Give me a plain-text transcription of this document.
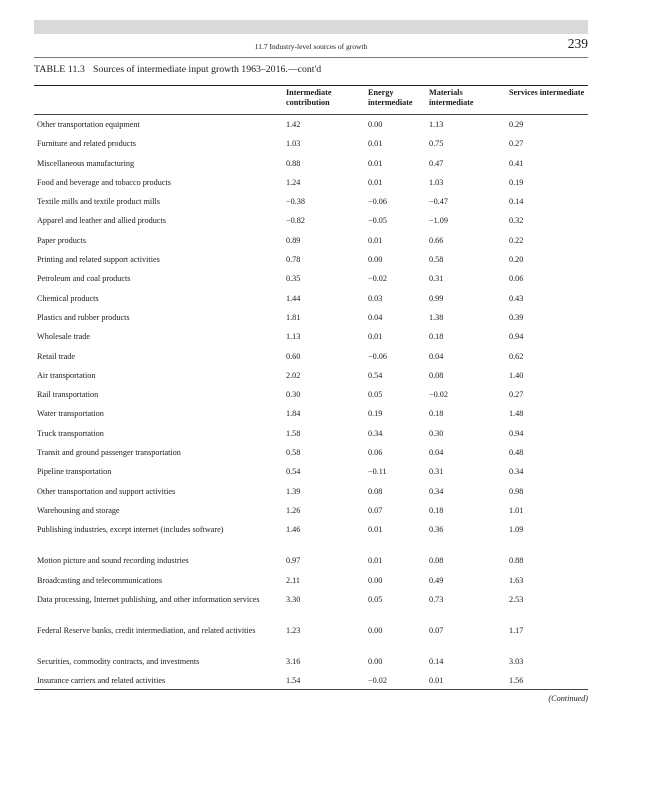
11.7 Industry-level sources of growth	239
TABLE 11.3 Sources of intermediate input growth 1963–2016.—cont'd
	Intermediate contribution	Energy intermediate	Materials intermediate	Services intermediate
Other transportation equipment	1.42	0.00	1.13	0.29
Furniture and related products	1.03	0.01	0.75	0.27
Miscellaneous manufacturing	0.88	0.01	0.47	0.41
Food and beverage and tobacco products	1.24	0.01	1.03	0.19
Textile mills and textile product mills	−0.38	−0.06	−0.47	0.14
Apparel and leather and allied products	−0.82	−0.05	−1.09	0.32
Paper products	0.89	0.01	0.66	0.22
Printing and related support activities	0.78	0.00	0.58	0.20
Petroleum and coal products	0.35	−0.02	0.31	0.06
Chemical products	1.44	0.03	0.99	0.43
Plastics and rubber products	1.81	0.04	1.38	0.39
Wholesale trade	1.13	0.01	0.18	0.94
Retail trade	0.60	−0.06	0.04	0.62
Air transportation	2.02	0.54	0.08	1.40
Rail transportation	0.30	0.05	−0.02	0.27
Water transportation	1.84	0.19	0.18	1.48
Truck transportation	1.58	0.34	0.30	0.94
Transit and ground passenger transportation	0.58	0.06	0.04	0.48
Pipeline transportation	0.54	−0.11	0.31	0.34
Other transportation and support activities	1.39	0.08	0.34	0.98
Warehousing and storage	1.26	0.07	0.18	1.01
Publishing industries, except internet (includes software)	1.46	0.01	0.36	1.09
Motion picture and sound recording industries	0.97	0.01	0.08	0.88
Broadcasting and telecommunications	2.11	0.00	0.49	1.63
Data processing, Internet publishing, and other information services	3.30	0.05	0.73	2.53
Federal Reserve banks, credit intermediation, and related activities	1.23	0.00	0.07	1.17
Securities, commodity contracts, and investments	3.16	0.00	0.14	3.03
Insurance carriers and related activities	1.54	−0.02	0.01	1.56
(Continued)
